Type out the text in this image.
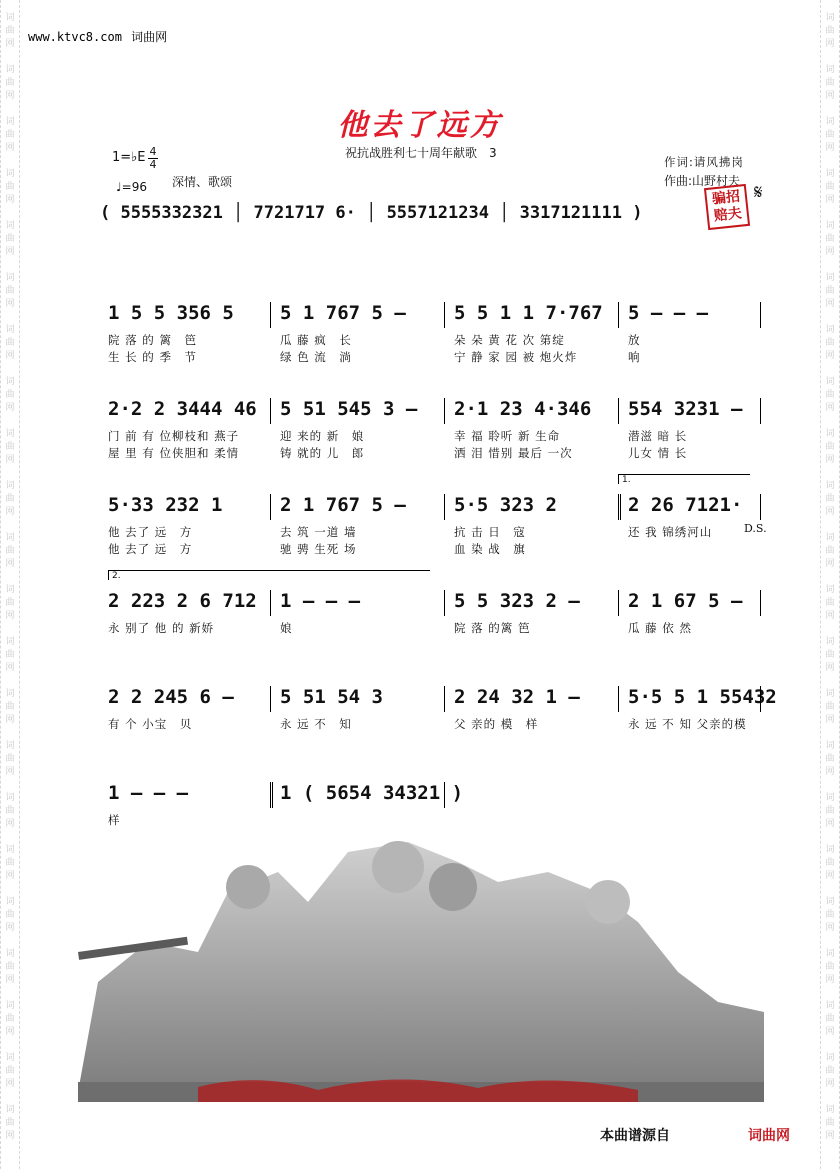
词
曲
网
词
曲
网
词
曲
网
词
曲
网
词
曲
网
词
曲
网
词
曲
网
词
曲
网
词
曲
网
词
曲
网
词
曲
网
词
曲
网
词
曲
网
词
曲
网
词
曲
网
词
曲
网
词
曲
网
词
曲
网
词
曲
网
词
曲
网
词
曲
网
词
曲
网
词
曲
网
词
曲
网
词
曲
网
词
曲
网
词
曲
网
词
曲
网
词
曲
网
词
曲
网
词
曲
网
词
曲
网
词
曲
网
词
曲
网
词
曲
网
词
曲
网
词
曲
网
词
曲
网
词
曲
网
词
曲
网
词
曲
网
词
曲
网
词
曲
网
词
曲
网
www.ktvc8.com 词曲网
他去了远方
祝抗战胜利七十周年献歌　3
作词:请风拂岗
作曲:山野村夫
骗招
赔夫
𝄋
1=♭E 4
4
♩=96 深情、歌颂
( 5555332321 │ 7721717 6· │ 5557121234 │ 3317121111 )
1 5 5 356 5 5 1 767 5 –	5 5 1 1 7·767 5 – – –
院 落 的 篱　笆	瓜 藤 疯　长	朵 朵 黄 花 次 第绽	放
生 长 的 季　节	绿 色 流　淌	宁 静 家 园 被 炮火炸	响
2·2 2 3444 46 5 51 545 3 – 2·1 23 4·346 554 3231 –
门 前 有 位柳枝和 燕子	迎 来的 新　娘	幸 福 聆听 新 生命	潜滋 暗 长
屋 里 有 位侠胆和 柔情	铸 就的 儿　郎	洒 泪 惜别 最后 一次	儿女 情 长
5·33 232 1	2 1 767 5 –	5·5 323 2	2 26 7121·
他 去了 远　方	去 筑 一道 墙	抗 击 日　寇	还 我 锦绣河山
他 去了 远　方	驰 骋 生死 场	血 染 战　旗
1.
D.S.
2 223 2 6 712 1 – – –	5 5 323 2 –	2 1 67 5 –
永 别了 他 的 新娇	娘	院 落 的篱 笆	瓜 藤 依 然
2.
2 2 245 6 – 5 51 54 3	2 24 32 1 –	5·5 5 1 55432
有 个 小宝　贝	永 远 不　知	父 亲的 模　样	永 远 不 知 父亲的模
1 – – –	1 ( 5654 34321 )
样
本曲谱源自	词曲网
